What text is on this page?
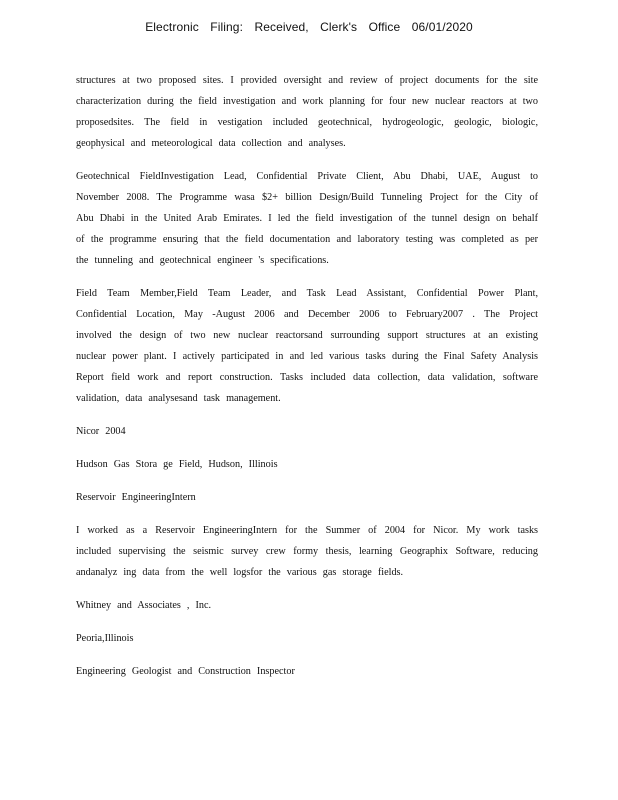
Electronic Filing: Received, Clerk's Office 06/01/2020

structures at two proposed sites. I provided oversight and review of project documents for the site characterization during the field investigation and work planning for four new nuclear reactors at two proposedsites. The field in vestigation included geotechnical, hydrogeologic, geologic, biologic, geophysical and meteorological data collection and analyses.

Geotechnical FieldInvestigation Lead, Confidential Private Client, Abu Dhabi, UAE, August to November 2008. The Programme wasa $2+ billion Design/Build Tunneling Project for the City of Abu Dhabi in the United Arab Emirates. I led the field investigation of the tunnel design on behalf of the programme ensuring that the field documentation and laboratory testing was completed as per the tunneling and geotechnical engineer 's specifications.

Field Team Member,Field Team Leader, and Task Lead Assistant, Confidential Power Plant, Confidential Location, May -August 2006 and December 2006 to February2007 . The Project involved the design of two new nuclear reactorsand surrounding support structures at an existing nuclear power plant. I actively participated in and led various tasks during the Final Safety Analysis Report field work and report construction. Tasks included data collection, data validation, software validation, data analysesand task management.

Nicor 2004

Hudson Gas Stora ge Field, Hudson, Illinois

Reservoir EngineeringIntern

I worked as a Reservoir EngineeringIntern for the Summer of 2004 for Nicor. My work tasks included supervising the seismic survey crew formy thesis, learning Geographix Software, reducing andanalyz ing data from the well logsfor the various gas storage fields.

Whitney and Associates , Inc.

Peoria,Illinois

Engineering Geologist and Construction Inspector
